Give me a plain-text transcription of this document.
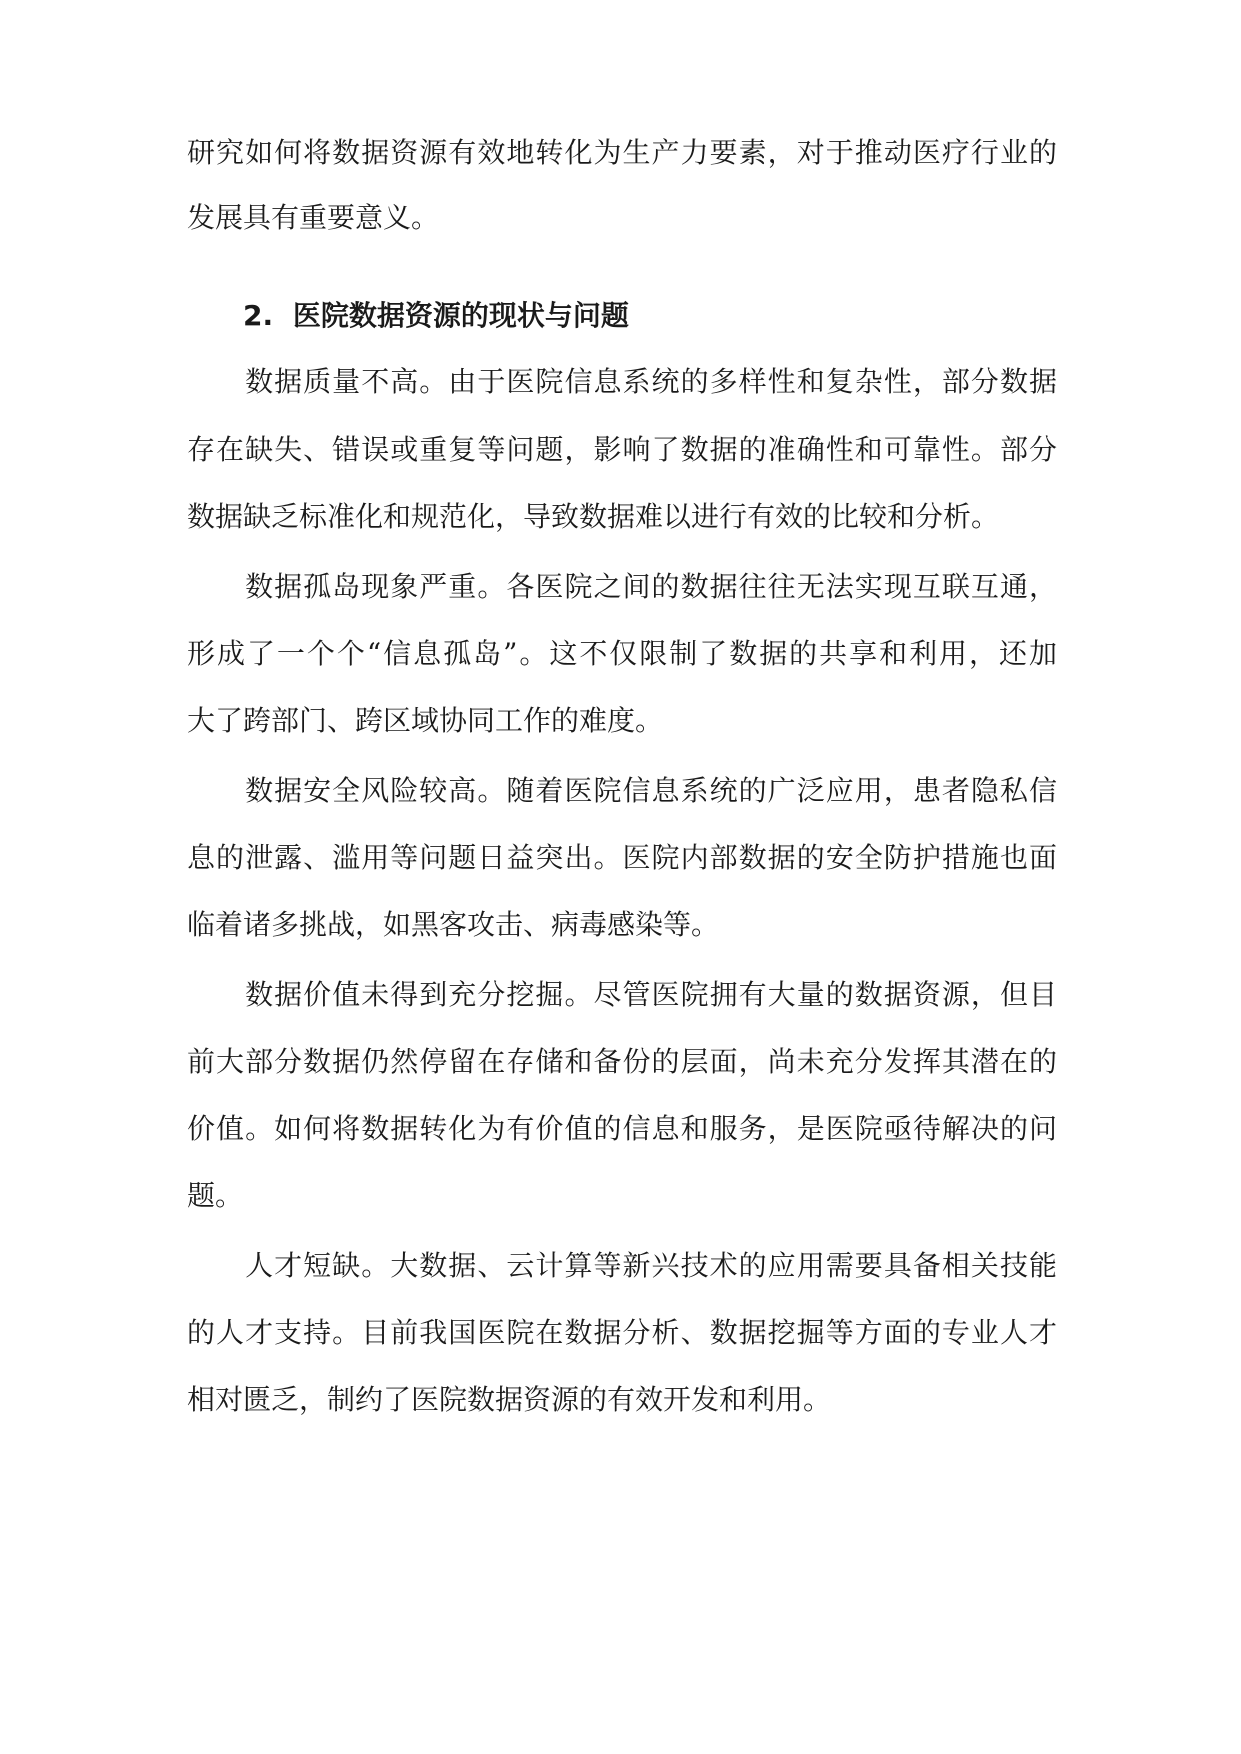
研究如何将数据资源有效地转化为生产力要素，对于推动医疗行业的
发展具有重要意义。
2. 医院数据资源的现状与问题
　　数据质量不高。由于医院信息系统的多样性和复杂性，部分数据
存在缺失、错误或重复等问题，影响了数据的准确性和可靠性。部分
数据缺乏标准化和规范化，导致数据难以进行有效的比较和分析。
　　数据孤岛现象严重。各医院之间的数据往往无法实现互联互通，
形成了一个个“信息孤岛”。这不仅限制了数据的共享和利用，还加
大了跨部门、跨区域协同工作的难度。
　　数据安全风险较高。随着医院信息系统的广泛应用，患者隐私信
息的泄露、滥用等问题日益突出。医院内部数据的安全防护措施也面
临着诸多挑战，如黑客攻击、病毒感染等。
　　数据价值未得到充分挖掘。尽管医院拥有大量的数据资源，但目
前大部分数据仍然停留在存储和备份的层面，尚未充分发挥其潜在的
价值。如何将数据转化为有价值的信息和服务，是医院亟待解决的问
题。
　　人才短缺。大数据、云计算等新兴技术的应用需要具备相关技能
的人才支持。目前我国医院在数据分析、数据挖掘等方面的专业人才
相对匮乏，制约了医院数据资源的有效开发和利用。
